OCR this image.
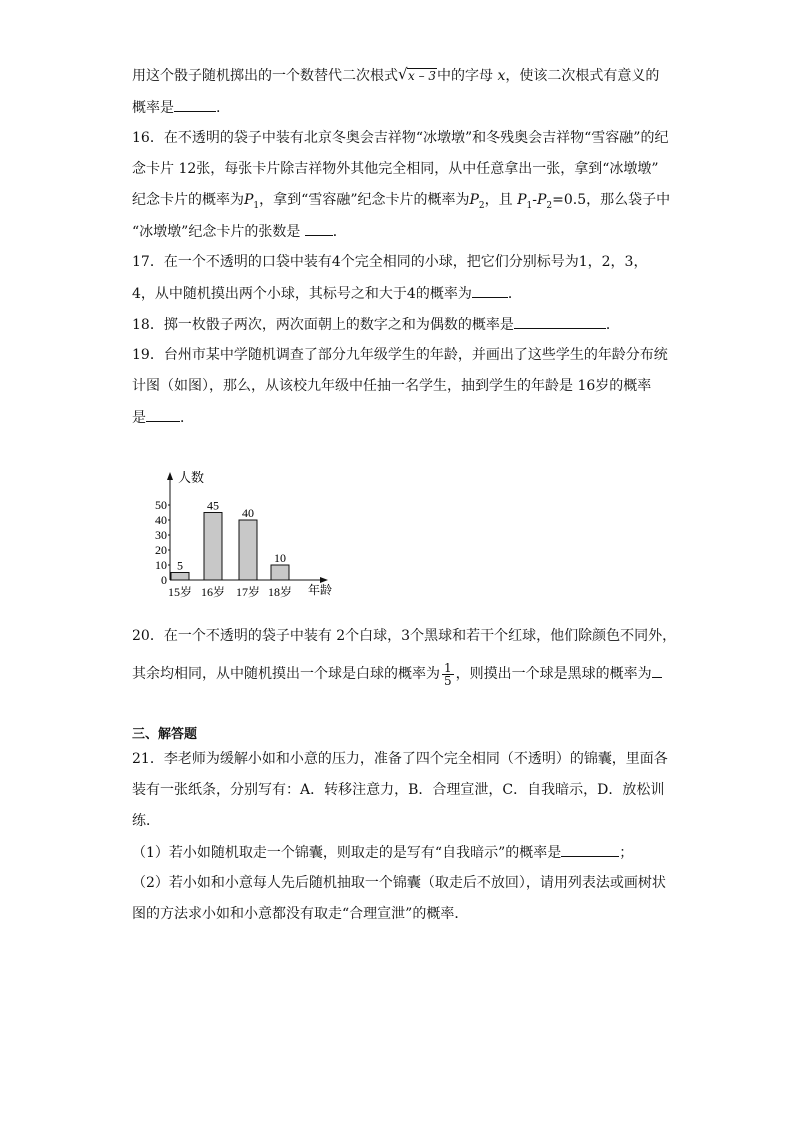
用这个骰子随机掷出的一个数替代二次根式 √ x – 3中的字母 x，使该二次根式有意义的
概率是	.
16．在不透明的袋子中装有北京冬奥会吉祥物“冰墩墩”和冬残奥会吉祥物“雪容融”的纪
念卡片 12张，每张卡片除吉祥物外其他完全相同，从中任意拿出一张，拿到“冰墩墩”
纪念卡片的概率为$P_1$，拿到“雪容融”纪念卡片的概率为$P_2$，且 $P_1-P_2=0.5$，那么袋子中
“冰墩墩”纪念卡片的张数是 ．
17．在一个不透明的口袋中装有4个完全相同的小球，把它们分别标号为1，2，3，
4，从中随机摸出两个小球，其标号之和大于4的概率为	．
18．掷一枚骰子两次，两次面朝上的数字之和为偶数的概率是	．
19．台州市某中学随机调查了部分九年级学生的年龄，并画出了这些学生的年龄分布统
计图（如图），那么，从该校九年级中任抽一名学生，抽到学生的年龄是 16岁的概率
是 ．
人数
年龄
0
10
20
30
40
50
5
15岁
45
16岁
40
17岁
10
18岁
20．在一个不透明的袋子中装有 2个白球，3个黑球和若干个红球，他们除颜色不同外，
其余均相同，从中随机摸出一个球是白球的概率为 $\frac{1}{5}$ ，则摸出一个球是黑球的概率为
三、解答题
21．李老师为缓解小如和小意的压力，准备了四个完全相同（不透明）的锦囊，里面各
装有一张纸条，分别写有：A．转移注意力，B．合理宣泄，C．自我暗示，D．放松训
练．
（1）若小如随机取走一个锦囊，则取走的是写有“自我暗示”的概率是	；
（2）若小如和小意每人先后随机抽取一个锦囊（取走后不放回），请用列表法或画树状
图的方法求小如和小意都没有取走“合理宣泄”的概率．
